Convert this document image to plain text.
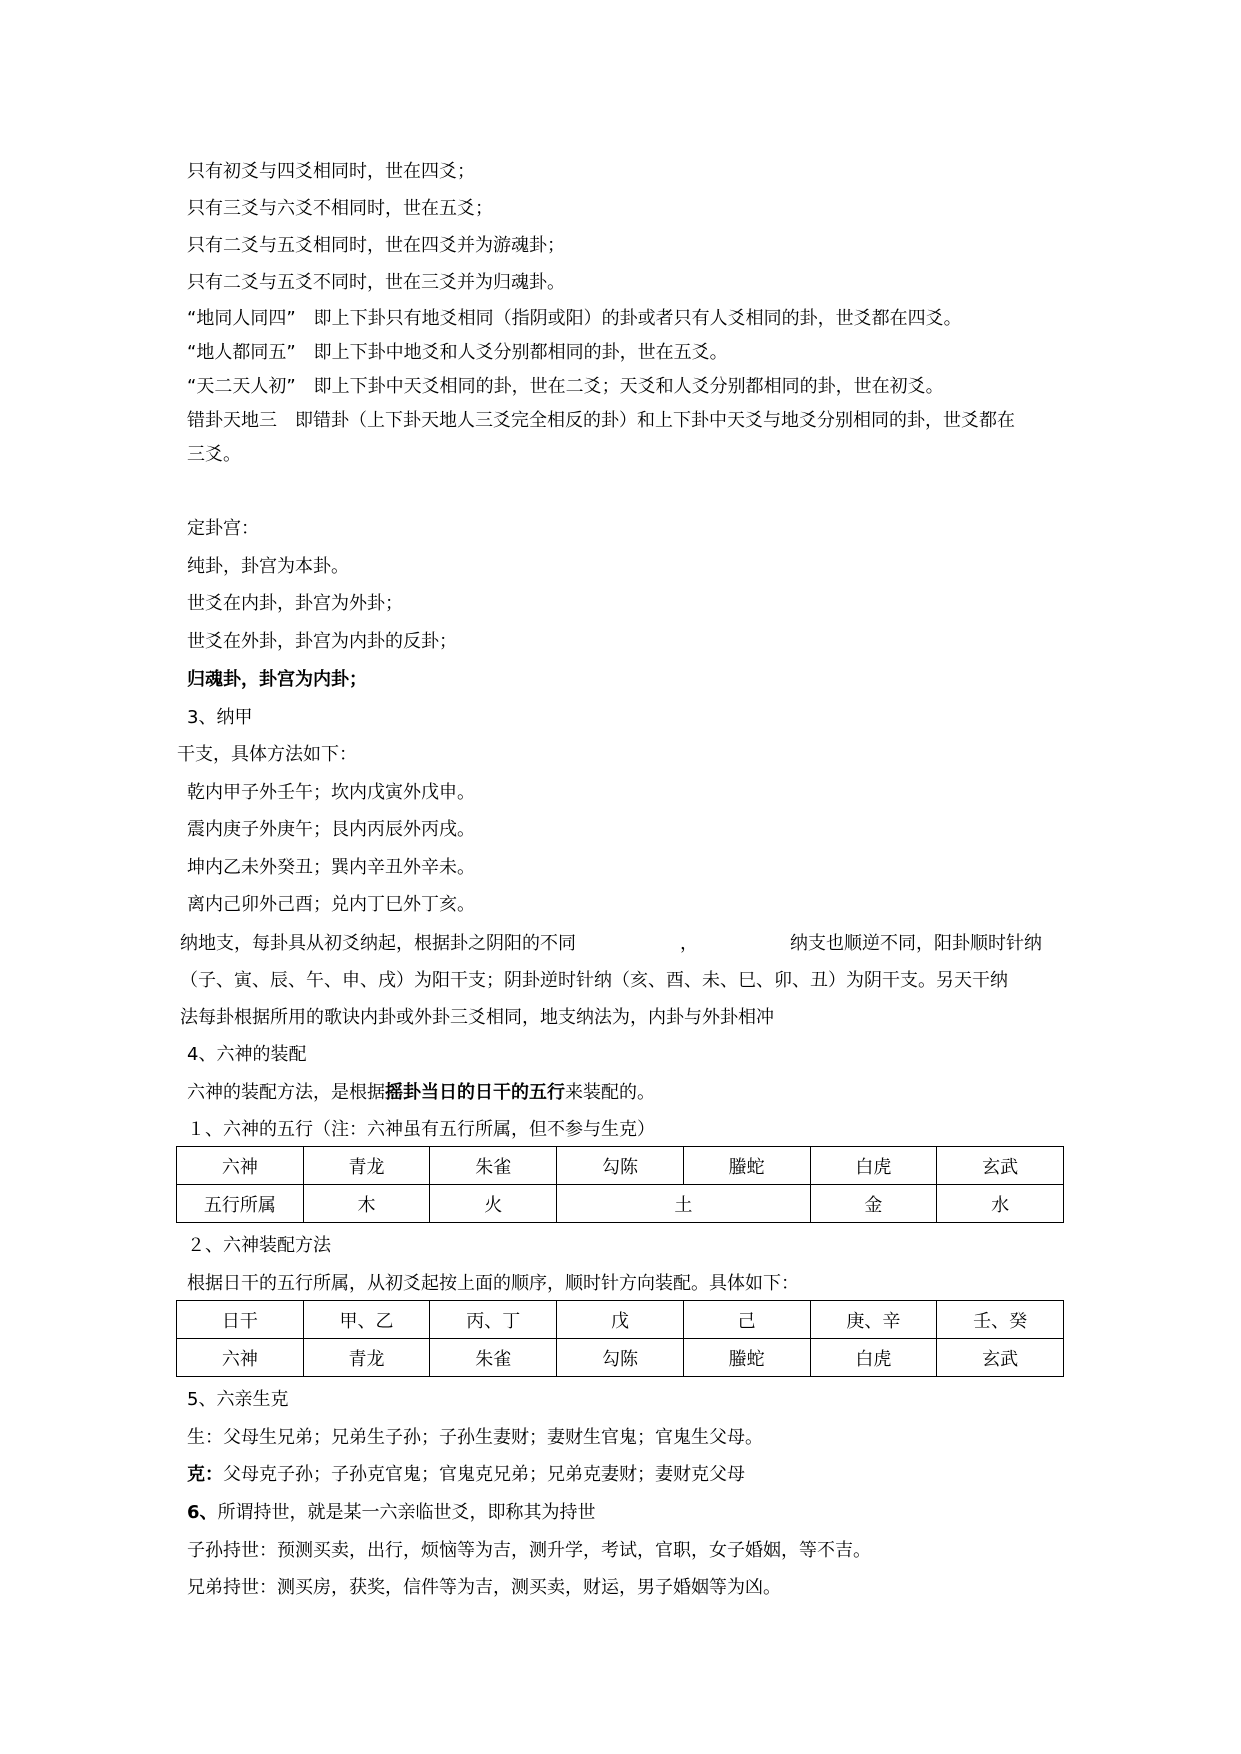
只有初爻与四爻相同时，世在四爻；
只有三爻与六爻不相同时，世在五爻；
只有二爻与五爻相同时，世在四爻并为游魂卦；
只有二爻与五爻不同时，世在三爻并为归魂卦。
“地同人同四”　即上下卦只有地爻相同（指阴或阳）的卦或者只有人爻相同的卦，世爻都在四爻。
“地人都同五”　即上下卦中地爻和人爻分别都相同的卦，世在五爻。
“天二天人初”　即上下卦中天爻相同的卦，世在二爻；天爻和人爻分别都相同的卦，世在初爻。
错卦天地三　即错卦（上下卦天地人三爻完全相反的卦）和上下卦中天爻与地爻分别相同的卦，世爻都在
三爻。
定卦宫：
纯卦，卦宫为本卦。
世爻在内卦，卦宫为外卦；
世爻在外卦，卦宫为内卦的反卦；
归魂卦，卦宫为内卦；
3、纳甲
干支，具体方法如下：
乾内甲子外壬午；坎内戊寅外戊申。
震内庚子外庚午；艮内丙辰外丙戌。
坤内乙未外癸丑；巽内辛丑外辛未。
离内己卯外己酉；兑内丁巳外丁亥。
纳地支，每卦具从初爻纳起，根据卦之阴阳的不同	，	纳支也顺逆不同，阳卦顺时针纳
（子、寅、辰、午、申、戌）为阳干支；阴卦逆时针纳（亥、酉、未、巳、卯、丑）为阴干支。另天干纳
法每卦根据所用的歌诀内卦或外卦三爻相同，地支纳法为，内卦与外卦相冲
4、六神的装配
六神的装配方法，是根据摇卦当日的日干的五行来装配的。
１、六神的五行（注：六神虽有五行所属，但不参与生克）
六神	青龙	朱雀	勾陈	螣蛇	白虎	玄武
五行所属	木	火	土		金	水
２、六神装配方法
根据日干的五行所属，从初爻起按上面的顺序，顺时针方向装配。具体如下：
日干	甲、乙	丙、丁	戊	己	庚、辛	壬、癸
六神	青龙	朱雀	勾陈	螣蛇	白虎	玄武
5、六亲生克
生：父母生兄弟；兄弟生子孙；子孙生妻财；妻财生官鬼；官鬼生父母。
克：父母克子孙；子孙克官鬼；官鬼克兄弟；兄弟克妻财；妻财克父母
6、所谓持世，就是某一六亲临世爻，即称其为持世
子孙持世：预测买卖，出行，烦恼等为吉，测升学，考试，官职，女子婚姻，等不吉。
兄弟持世：测买房，获奖，信件等为吉，测买卖，财运，男子婚姻等为凶。
